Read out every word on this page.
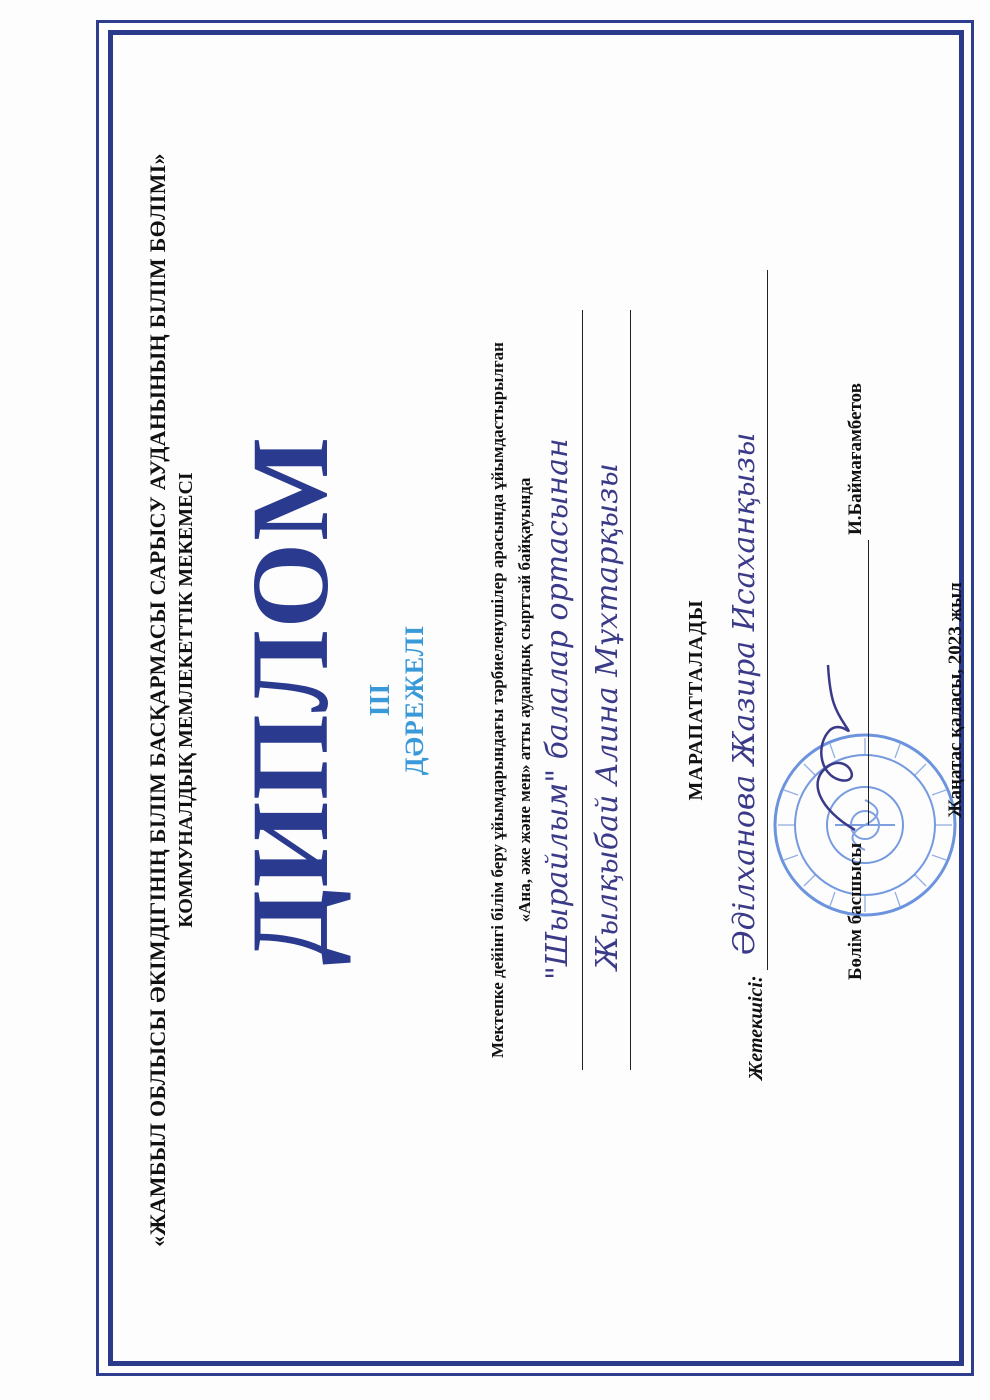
«ЖАМБЫЛ ОБЛЫСЫ ӘКІМДІГІНІҢ БІЛІМ БАСҚАРМАСЫ САРЫСУ АУДАНЫНЫҢ БІЛІМ БӨЛІМІ» КОММУНАЛДЫҚ МЕМЛЕКЕТТІК МЕКЕМЕСІ ДИПЛОМ III ДӘРЕЖЕЛІ	Мектепке дейінгі білім беру ұйымдарындағы тәрбиеленушілер арасында ұйымдастырылған «Ана, әже және мен» атты аудандық сырттай байқауында "Шырайлым" балалар ортасынан Жылқыбай Алина Мұхтарқызы	МАРАПАТТАЛАДЫ
Жетекшісі:
Әділханова Жазира Исаханқызы	Бөлім басшысы
И.Баймағамбетов
Жаңатас қаласы, 2023 жыл
